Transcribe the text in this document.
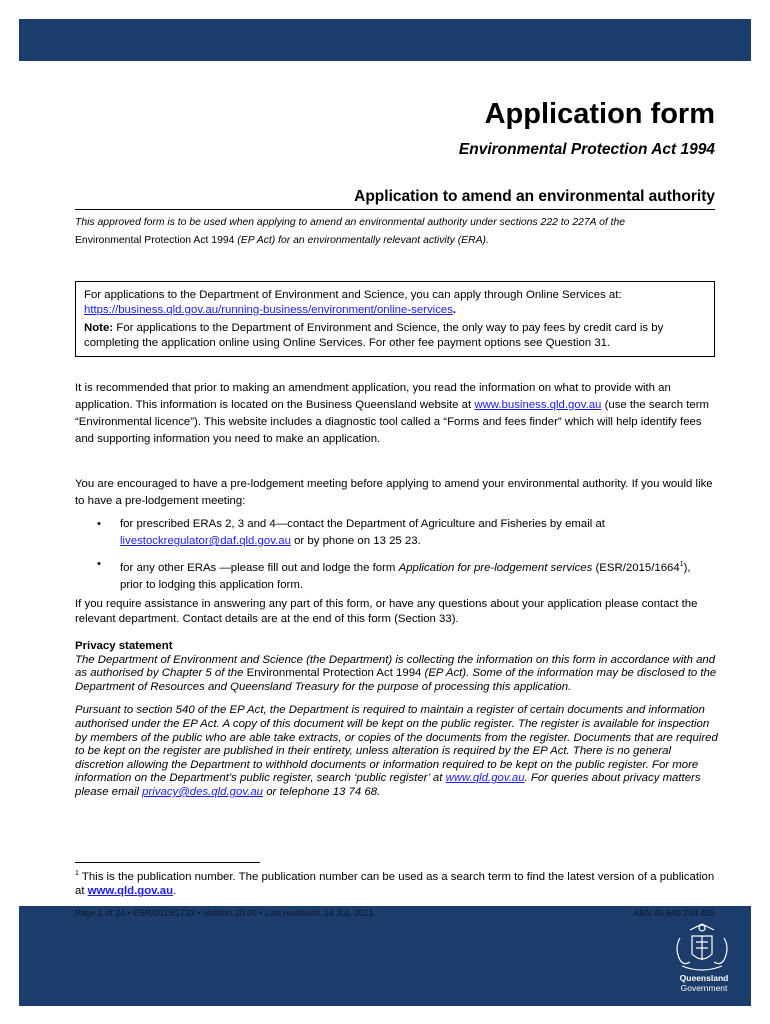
Application form
Environmental Protection Act 1994
Application to amend an environmental authority
This approved form is to be used when applying to amend an environmental authority under sections 222 to 227A of the
Environmental Protection Act 1994 (EP Act) for an environmentally relevant activity (ERA).

For applications to the Department of Environment and Science, you can apply through Online Services at:
https://business.qld.gov.au/running-business/environment/online-services.

Note: For applications to the Department of Environment and Science, the only way to pay fees by credit card is by completing the application online using Online Services. For other fee payment options see Question 31.

It is recommended that prior to making an amendment application, you read the information on what to provide with an application. This information is located on the Business Queensland website at www.business.qld.gov.au (use the search term “Environmental licence”). This website includes a diagnostic tool called a “Forms and fees finder” which will help identify fees and supporting information you need to make an application.
You are encouraged to have a pre-lodgement meeting before applying to amend your environmental authority. If you would like to have a pre-lodgement meeting:
• for prescribed ERAs 2, 3 and 4—contact the Department of Agriculture and Fisheries by email at livestockregulator@daf.qld.gov.au or by phone on 13 25 23.
• for any other ERAs —please fill out and lodge the form Application for pre-lodgement services (ESR/2015/1664$^1$), prior to lodging this application form.
If you require assistance in answering any part of this form, or have any questions about your application please contact the relevant department. Contact details are at the end of this form (Section 33).
Privacy statement

The Department of Environment and Science (the Department) is collecting the information on this form in accordance with and as authorised by Chapter 5 of the Environmental Protection Act 1994 (EP Act). Some of the information may be disclosed to the Department of Resources and Queensland Treasury for the purpose of processing this application.

Pursuant to section 540 of the EP Act, the Department is required to maintain a register of certain documents and information authorised under the EP Act. A copy of this document will be kept on the public register. The register is available for inspection by members of the public who are able take extracts, or copies of the documents from the register. Documents that are required to be kept on the register are published in their entirety, unless alteration is required by the EP Act. There is no general discretion allowing the Department to withhold documents or information required to be kept on the public register. For more information on the Department’s public register, search ‘public register’ at www.qld.gov.au. For queries about privacy matters please email privacy@des.qld.gov.au or telephone 13 74 68.

$^1$ This is the publication number. The publication number can be used as a search term to find the latest version of a publication at www.qld.gov.au.
Page 1 of 24 • ESR/2015/1733 • Version 20.00 • Last reviewed: 14 JUL 2021	ABN 46 640 294 485
Queensland
Government
